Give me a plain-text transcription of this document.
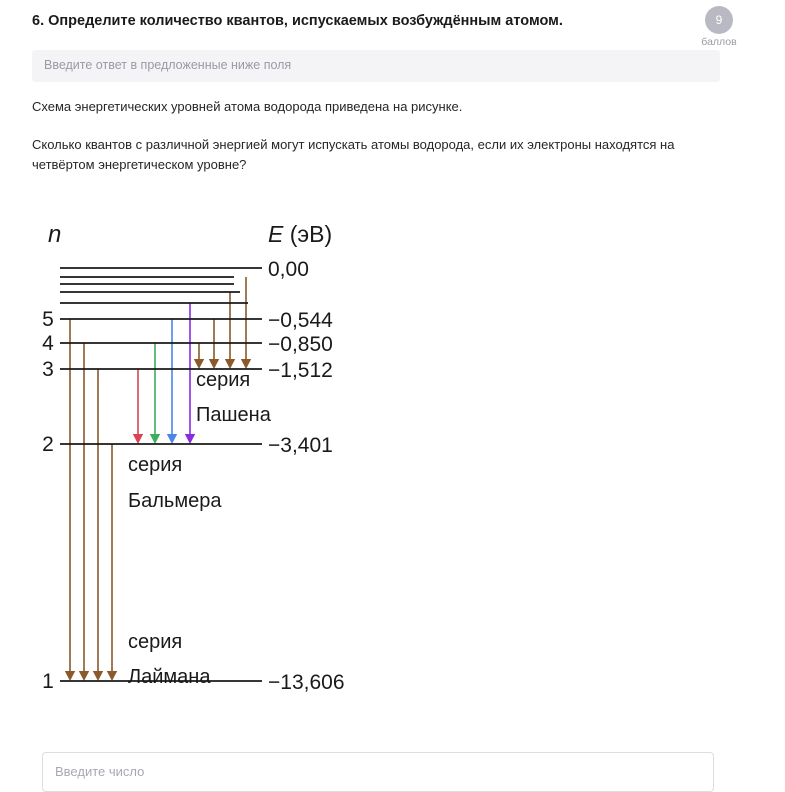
6. Определите количество квантов, испускаемых возбуждённым атомом.	9
баллов
Введите ответ в предложенные ниже поля
Схема энергетических уровней атома водорода приведена на рисунке.
Сколько квантов с различной энергией могут испускать атомы водорода, если их электроны находятся на четвёртом энергетическом уровне?
n	E (эВ)
1	−13,606
2	−3,401
3	−1,512
4	−0,850
5	−0,544
0,00
серия
Пашена
серия
Бальмера
серия
Лаймана
Введите число
